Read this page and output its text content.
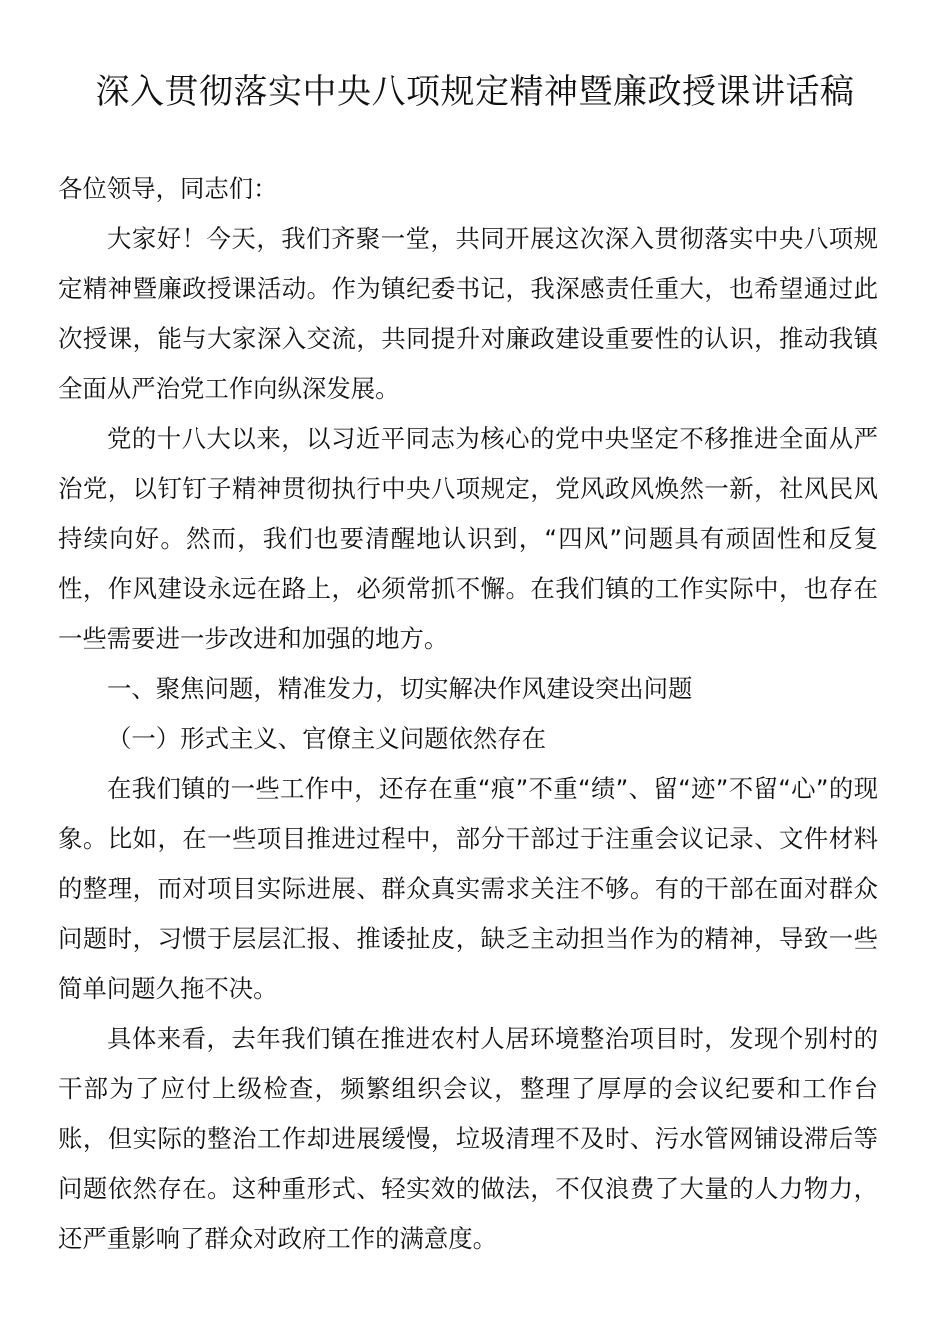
深入贯彻落实中央八项规定精神暨廉政授课讲话稿

各位领导，同志们：

大家好！今天，我们齐聚一堂，共同开展这次深入贯彻落实中央八项规定精神暨廉政授课活动。作为镇纪委书记，我深感责任重大，也希望通过此次授课，能与大家深入交流，共同提升对廉政建设重要性的认识，推动我镇全面从严治党工作向纵深发展。

党的十八大以来，以习近平同志为核心的党中央坚定不移推进全面从严治党，以钉钉子精神贯彻执行中央八项规定，党风政风焕然一新，社风民风持续向好。然而，我们也要清醒地认识到，“四风”问题具有顽固性和反复性，作风建设永远在路上，必须常抓不懈。在我们镇的工作实际中，也存在一些需要进一步改进和加强的地方。

一、聚焦问题，精准发力，切实解决作风建设突出问题

（一）形式主义、官僚主义问题依然存在

在我们镇的一些工作中，还存在重“痕”不重“绩”、留“迹”不留“心”的现象。比如，在一些项目推进过程中，部分干部过于注重会议记录、文件材料的整理，而对项目实际进展、群众真实需求关注不够。有的干部在面对群众问题时，习惯于层层汇报、推诿扯皮，缺乏主动担当作为的精神，导致一些简单问题久拖不决。

具体来看，去年我们镇在推进农村人居环境整治项目时，发现个别村的干部为了应付上级检查，频繁组织会议，整理了厚厚的会议纪要和工作台账，但实际的整治工作却进展缓慢，垃圾清理不及时、污水管网铺设滞后等问题依然存在。这种重形式、轻实效的做法，不仅浪费了大量的人力物力，还严重影响了群众对政府工作的满意度。
